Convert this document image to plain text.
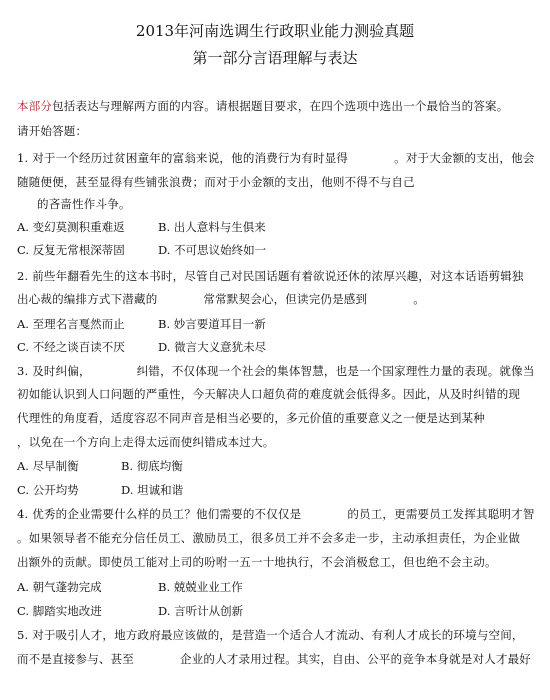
2013年河南选调生行政职业能力测验真题
第一部分言语理解与表达
本部分包括表达与理解两方面的内容。请根据题目要求，在四个选项中选出一个最恰当的答案。
请开始答题：
1. 对于一个经历过贫困童年的富翁来说，他的消费行为有时显得	。对于大金额的支出，他会
随随便便，甚至显得有些铺张浪费；而对于小金额的支出，他则不得不与自己
的吝啬性作斗争。
A. 变幻莫测积重难返	B. 出人意料与生俱来
C. 反复无常根深蒂固	D. 不可思议始终如一
2. 前些年翻看先生的这本书时，尽管自己对民国话题有着欲说还休的浓厚兴趣，对这本话语剪辑独
出心裁的编排方式下潜藏的	常常默契会心，但读完仍是感到	。
A. 至理名言戛然而止	B. 妙言要道耳目一新
C. 不经之谈百读不厌	D. 微言大义意犹未尽
3. 及时纠偏，	纠错，不仅体现一个社会的集体智慧，也是一个国家理性力量的表现。就像当
初如能认识到人口问题的严重性，今天解决人口超负荷的难度就会低得多。因此，从及时纠错的现
代理性的角度看，适度容忍不同声音是相当必要的，多元价值的重要意义之一便是达到某种
，以免在一个方向上走得太远而使纠错成本过大。
A. 尽早制衡	B. 彻底均衡
C. 公开均势	D. 坦诚和谐
4. 优秀的企业需要什么样的员工？他们需要的不仅仅是	的员工，更需要员工发挥其聪明才智
。如果领导者不能充分信任员工、激励员工，很多员工并不会多走一步，主动承担责任，为企业做
出额外的贡献。即使员工能对上司的吩咐一五一十地执行，不会消极怠工，但也绝不会主动。
A. 朝气蓬勃完成	B. 兢兢业业工作
C. 脚踏实地改进	D. 言听计从创新
5. 对于吸引人才，地方政府最应该做的，是营造一个适合人才流动、有利人才成长的环境与空间，
而不是直接参与、甚至	企业的人才录用过程。其实，自由、公平的竞争本身就是对人才最好
